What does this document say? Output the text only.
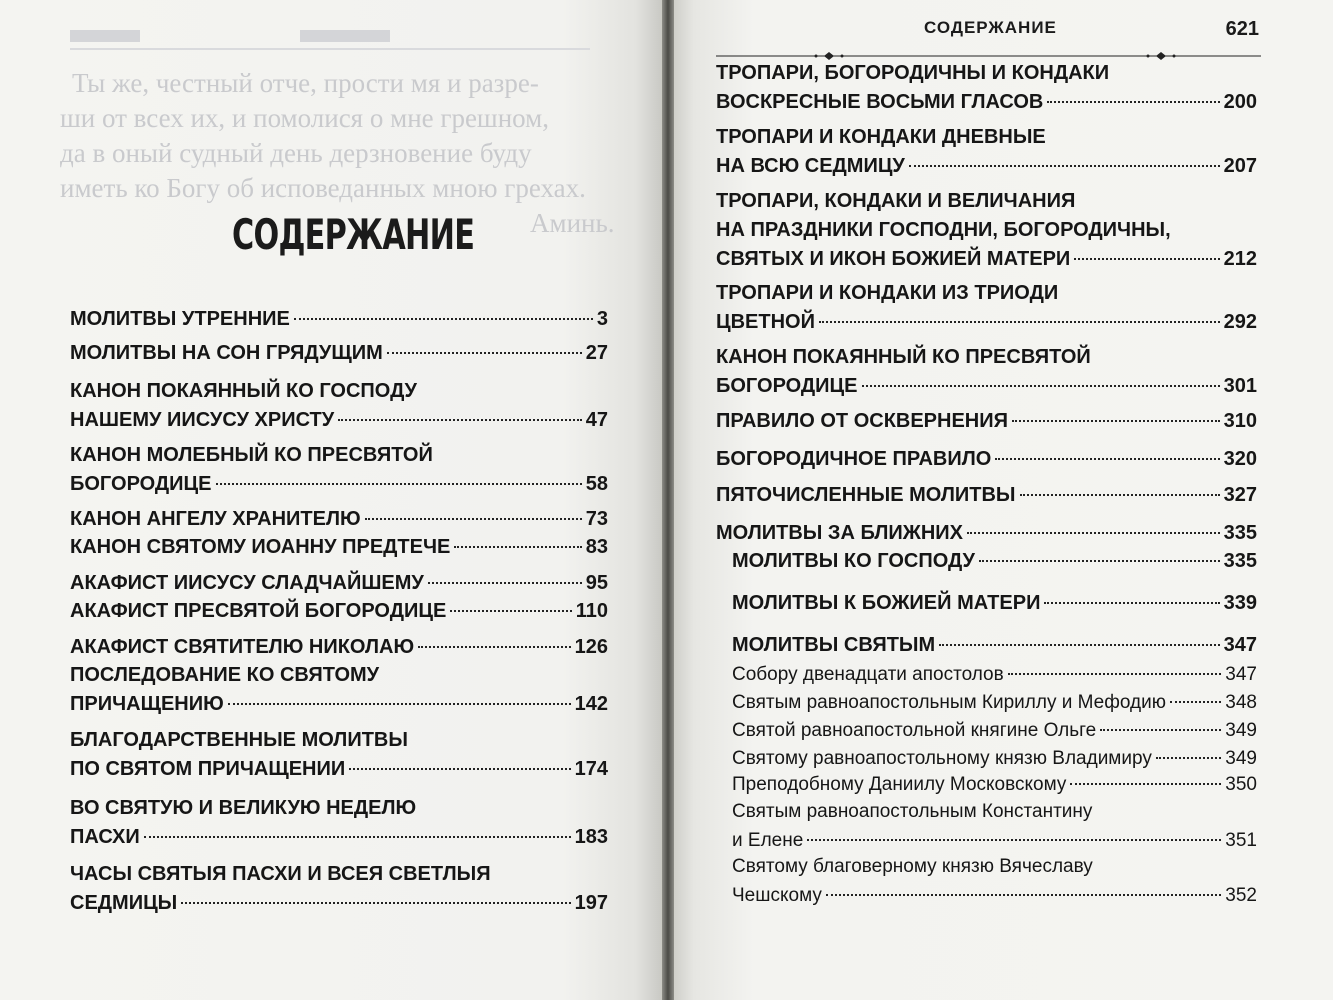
Ты же, честный отче, прости мя и разре-
ши от всех их, и помолися о мне грешном,
да в оный судный день дерзновение буду
иметь ко Богу об исповеданных мною грехах.
Аминь.
СОДЕРЖАНИЕ
МОЛИТВЫ УТРЕННИЕ	3
МОЛИТВЫ НА СОН ГРЯДУЩИМ	27
КАНОН ПОКАЯННЫЙ КО ГОСПОДУ
НАШЕМУ ИИСУСУ ХРИСТУ	47
КАНОН МОЛЕБНЫЙ КО ПРЕСВЯТОЙ
БОГОРОДИЦЕ	58
КАНОН АНГЕЛУ ХРАНИТЕЛЮ	73
КАНОН СВЯТОМУ ИОАННУ ПРЕДТЕЧЕ	83
АКАФИСТ ИИСУСУ СЛАДЧАЙШЕМУ	95
АКАФИСТ ПРЕСВЯТОЙ БОГОРОДИЦЕ	110
АКАФИСТ СВЯТИТЕЛЮ НИКОЛАЮ	126
ПОСЛЕДОВАНИЕ КО СВЯТОМУ
ПРИЧАЩЕНИЮ	142
БЛАГОДАРСТВЕННЫЕ МОЛИТВЫ
ПО СВЯТОМ ПРИЧАЩЕНИИ	174
ВО СВЯТУЮ И ВЕЛИКУЮ НЕДЕЛЮ
ПАСХИ	183
ЧАСЫ СВЯТЫЯ ПАСХИ И ВСЕЯ СВЕТЛЫЯ
СЕДМИЦЫ	197

СОДЕРЖАНИЕ	621

ТРОПАРИ, БОГОРОДИЧНЫ И КОНДАКИ
ВОСКРЕСНЫЕ ВОСЬМИ ГЛАСОВ	200
ТРОПАРИ И КОНДАКИ ДНЕВНЫЕ
НА ВСЮ СЕДМИЦУ	207
ТРОПАРИ, КОНДАКИ И ВЕЛИЧАНИЯ
НА ПРАЗДНИКИ ГОСПОДНИ, БОГОРОДИЧНЫ,
СВЯТЫХ И ИКОН БОЖИЕЙ МАТЕРИ	212
ТРОПАРИ И КОНДАКИ ИЗ ТРИОДИ
ЦВЕТНОЙ	292
КАНОН ПОКАЯННЫЙ КО ПРЕСВЯТОЙ
БОГОРОДИЦЕ	301
ПРАВИЛО ОТ ОСКВЕРНЕНИЯ	310
БОГОРОДИЧНОЕ ПРАВИЛО	320
ПЯТОЧИСЛЕННЫЕ МОЛИТВЫ	327
МОЛИТВЫ ЗА БЛИЖНИХ	335
МОЛИТВЫ КО ГОСПОДУ	335
МОЛИТВЫ К БОЖИЕЙ МАТЕРИ	339
МОЛИТВЫ СВЯТЫМ	347
Собору двенадцати апостолов	347
Святым равноапостольным Кириллу и Мефодию	348
Святой равноапостольной княгине Ольге	349
Святому равноапостольному князю Владимиру	349
Преподобному Даниилу Московскому	350
Святым равноапостольным Константину
и Елене	351
Святому благоверному князю Вячеславу
Чешскому	352
